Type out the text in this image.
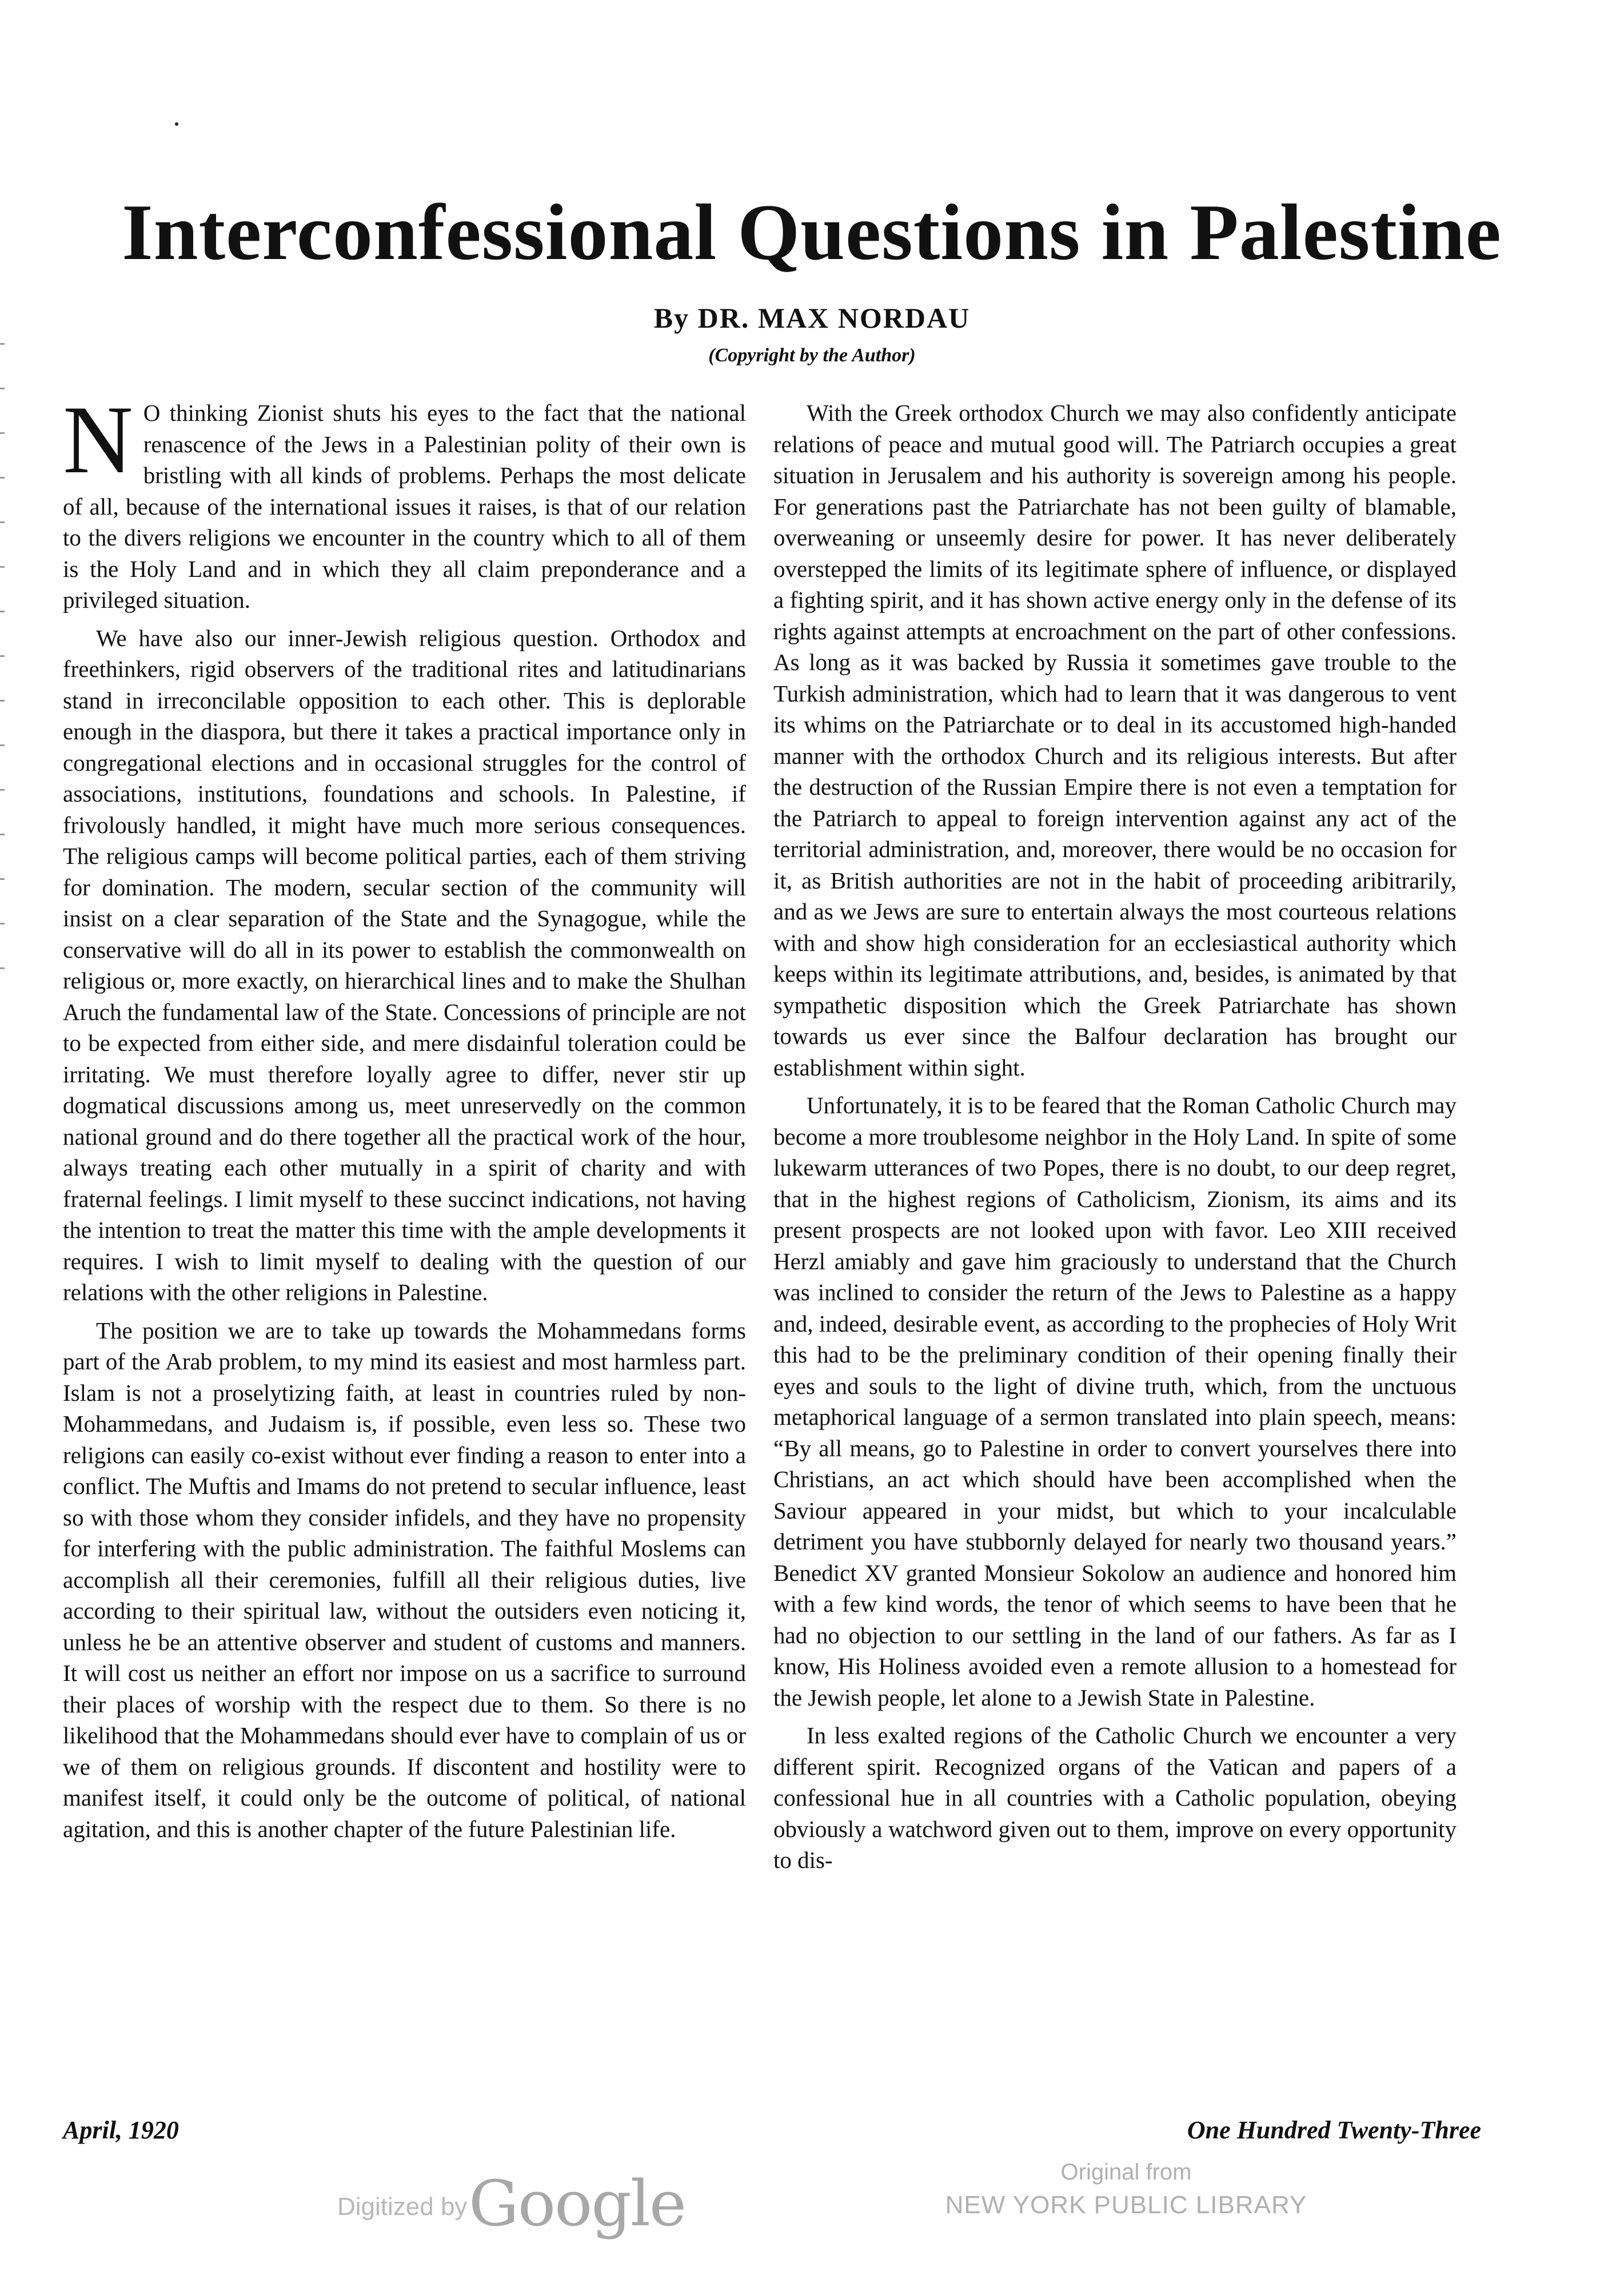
Interconfessional Questions in Palestine
By DR. MAX NORDAU
(Copyright by the Author)

N O thinking Zionist shuts his eyes to the fact that the national renascence of the Jews in a Palestinian polity of their own is bristling with all kinds of problems. Perhaps the most delicate of all, because of the international issues it raises, is that of our relation to the divers religions we encounter in the country which to all of them is the Holy Land and in which they all claim preponderance and a privileged situation.

We have also our inner-Jewish religious question. Orthodox and freethinkers, rigid observers of the traditional rites and latitudinarians stand in irreconcilable opposition to each other. This is deplorable enough in the diaspora, but there it takes a practical importance only in congregational elections and in occasional struggles for the control of associations, institutions, foundations and schools. In Palestine, if frivolously handled, it might have much more serious consequences. The religious camps will become political parties, each of them striving for domination. The modern, secular section of the community will insist on a clear separation of the State and the Synagogue, while the conservative will do all in its power to establish the commonwealth on religious or, more exactly, on hierarchical lines and to make the Shulhan Aruch the fundamental law of the State. Concessions of principle are not to be expected from either side, and mere disdainful toleration could be irritating. We must therefore loyally agree to differ, never stir up dogmatical discussions among us, meet unreservedly on the common national ground and do there together all the practical work of the hour, always treating each other mutually in a spirit of charity and with fraternal feelings. I limit myself to these succinct indications, not having the intention to treat the matter this time with the ample developments it requires. I wish to limit myself to dealing with the question of our relations with the other religions in Palestine.

The position we are to take up towards the Mohammedans forms part of the Arab problem, to my mind its easiest and most harmless part. Islam is not a proselytizing faith, at least in countries ruled by non-Mohammedans, and Judaism is, if possible, even less so. These two religions can easily co-exist without ever finding a reason to enter into a conflict. The Muftis and Imams do not pretend to secular influence, least so with those whom they consider infidels, and they have no propensity for interfering with the public administration. The faithful Moslems can accomplish all their ceremonies, fulfill all their religious duties, live according to their spiritual law, without the outsiders even noticing it, unless he be an attentive observer and student of customs and manners. It will cost us neither an effort nor impose on us a sacrifice to surround their places of worship with the respect due to them. So there is no likelihood that the Mohammedans should ever have to complain of us or we of them on religious grounds. If discontent and hostility were to manifest itself, it could only be the outcome of political, of national agitation, and this is another chapter of the future Palestinian life.

With the Greek orthodox Church we may also confidently anticipate relations of peace and mutual good will. The Patriarch occupies a great situation in Jerusalem and his authority is sovereign among his people. For generations past the Patriarchate has not been guilty of blamable, overweaning or unseemly desire for power. It has never deliberately overstepped the limits of its legitimate sphere of influence, or displayed a fighting spirit, and it has shown active energy only in the defense of its rights against attempts at encroachment on the part of other confessions. As long as it was backed by Russia it sometimes gave trouble to the Turkish administration, which had to learn that it was dangerous to vent its whims on the Patriarchate or to deal in its accustomed high-handed manner with the orthodox Church and its religious interests. But after the destruction of the Russian Empire there is not even a temptation for the Patriarch to appeal to foreign intervention against any act of the territorial administration, and, moreover, there would be no occasion for it, as British authorities are not in the habit of proceeding aribitrarily, and as we Jews are sure to entertain always the most courteous relations with and show high consideration for an ecclesiastical authority which keeps within its legitimate attributions, and, besides, is animated by that sympathetic disposition which the Greek Patriarchate has shown towards us ever since the Balfour declaration has brought our establishment within sight.

Unfortunately, it is to be feared that the Roman Catholic Church may become a more troublesome neighbor in the Holy Land. In spite of some lukewarm utterances of two Popes, there is no doubt, to our deep regret, that in the highest regions of Catholicism, Zionism, its aims and its present prospects are not looked upon with favor. Leo XIII received Herzl amiably and gave him graciously to understand that the Church was inclined to consider the return of the Jews to Palestine as a happy and, indeed, desirable event, as according to the prophecies of Holy Writ this had to be the preliminary condition of their opening finally their eyes and souls to the light of divine truth, which, from the unctuous metaphorical language of a sermon translated into plain speech, means: “By all means, go to Palestine in order to convert yourselves there into Christians, an act which should have been accomplished when the Saviour appeared in your midst, but which to your incalculable detriment you have stubbornly delayed for nearly two thousand years.” Benedict XV granted Monsieur Sokolow an audience and honored him with a few kind words, the tenor of which seems to have been that he had no objection to our settling in the land of our fathers. As far as I know, His Holiness avoided even a remote allusion to a homestead for the Jewish people, let alone to a Jewish State in Palestine.

In less exalted regions of the Catholic Church we encounter a very different spirit. Recognized organs of the Vatican and papers of a confessional hue in all countries with a Catholic population, obeying obviously a watchword given out to them, improve on every opportunity to dis-

April, 1920	One Hundred Twenty-Three
Digitized by Google	Original from
NEW YORK PUBLIC LIBRARY
